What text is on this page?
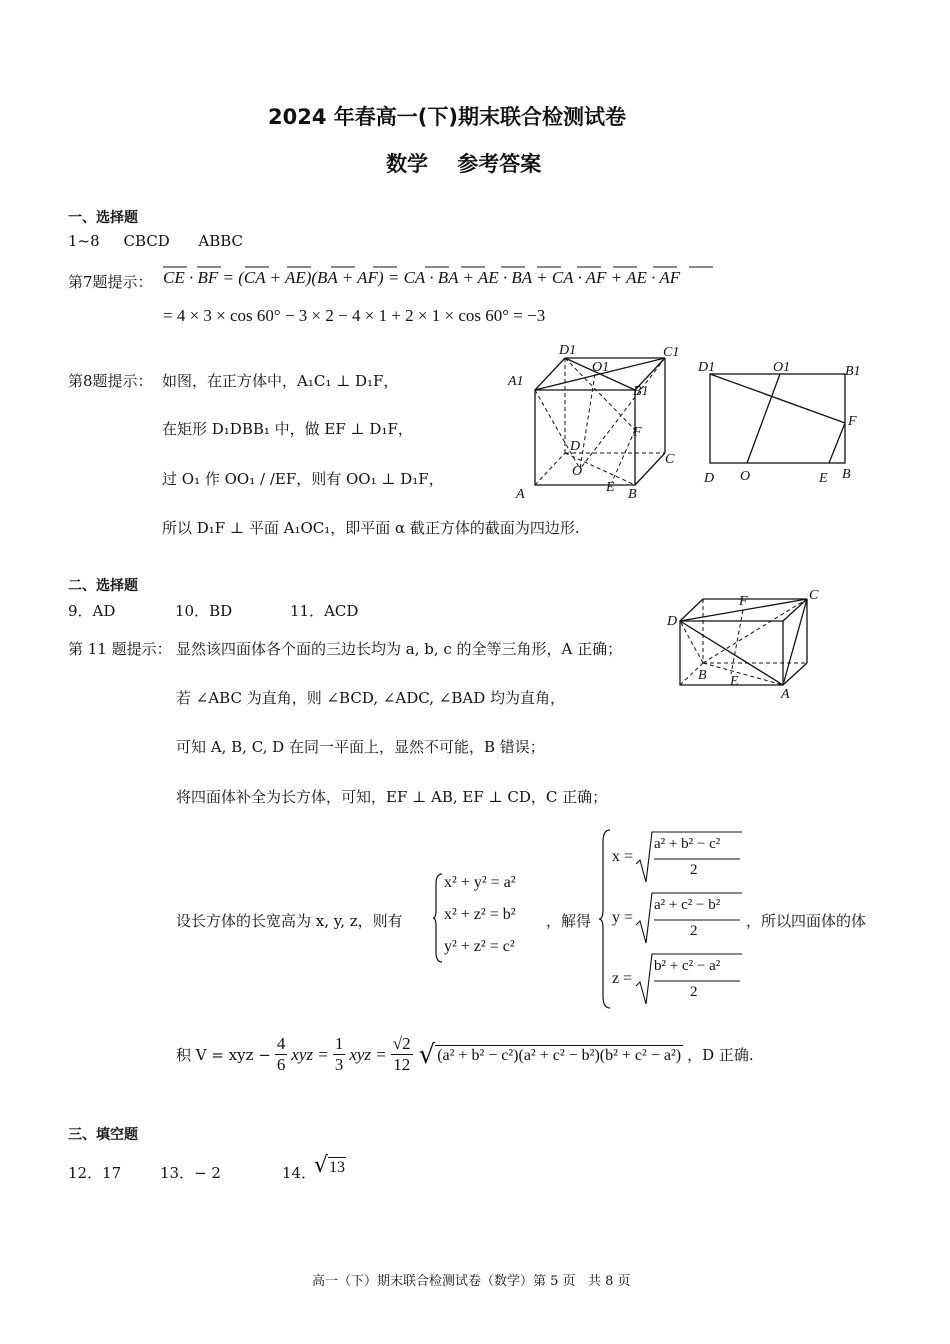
2024 年春高一(下)期末联合检测试卷
数学    参考答案
一、选择题
1~8     CBCD      ABBC
第7题提示： CE · BF = (CA + AE)(BA + AF) = CA · BA + AE · BA + CA · AF + AE · AF
= 4 × 3 × cos 60° − 3 × 2 − 4 × 1 + 2 × 1 × cos 60° = −3
第8题提示： 如图，在正方体中，A₁C₁ ⊥ D₁F，
在矩形 D₁DBB₁ 中，做 EF ⊥ D₁F，
过 O₁ 作 OO₁ / /EF，则有 OO₁ ⊥ D₁F，
所以 D₁F ⊥ 平面 A₁OC₁，即平面 α 截正方体的截面为四边形.
D1
O1
C1
A1
B1
F
D
C
O
E
A	B
D1	O1	B1
F
D O	E B
二、选择题
9．AD	10．BD	11．ACD
F	C
D
B E
A
第 11 题提示： 显然该四面体各个面的三边长均为 a, b, c 的全等三角形，A 正确；
若 ∠ABC 为直角，则 ∠BCD, ∠ADC, ∠BAD 均为直角，
可知 A, B, C, D 在同一平面上，显然不可能，B 错误；
将四面体补全为长方体，可知，EF ⊥ AB, EF ⊥ CD，C 正确；
设长方体的长宽高为 x, y, z，则有
x² + y² = a²
x² + z² = b²
y² + z² = c²
，解得
x =
a² + b² − c²
2
y =
a² + c² − b²
2
z =
b² + c² − a²
2
，所以四面体的体
积 V = xyz − $\frac{4}{6}$ xyz = $\frac{1}{3}$ xyz = $\frac{√2}{12}$ √ (a² + b² − c²)(a² + c² − b²)(b² + c² − a²) ，D 正确.
三、填空题
12．17	13．− 2	14．
√ 13
高一（下）期末联合检测试卷（数学）第 5 页   共 8 页
